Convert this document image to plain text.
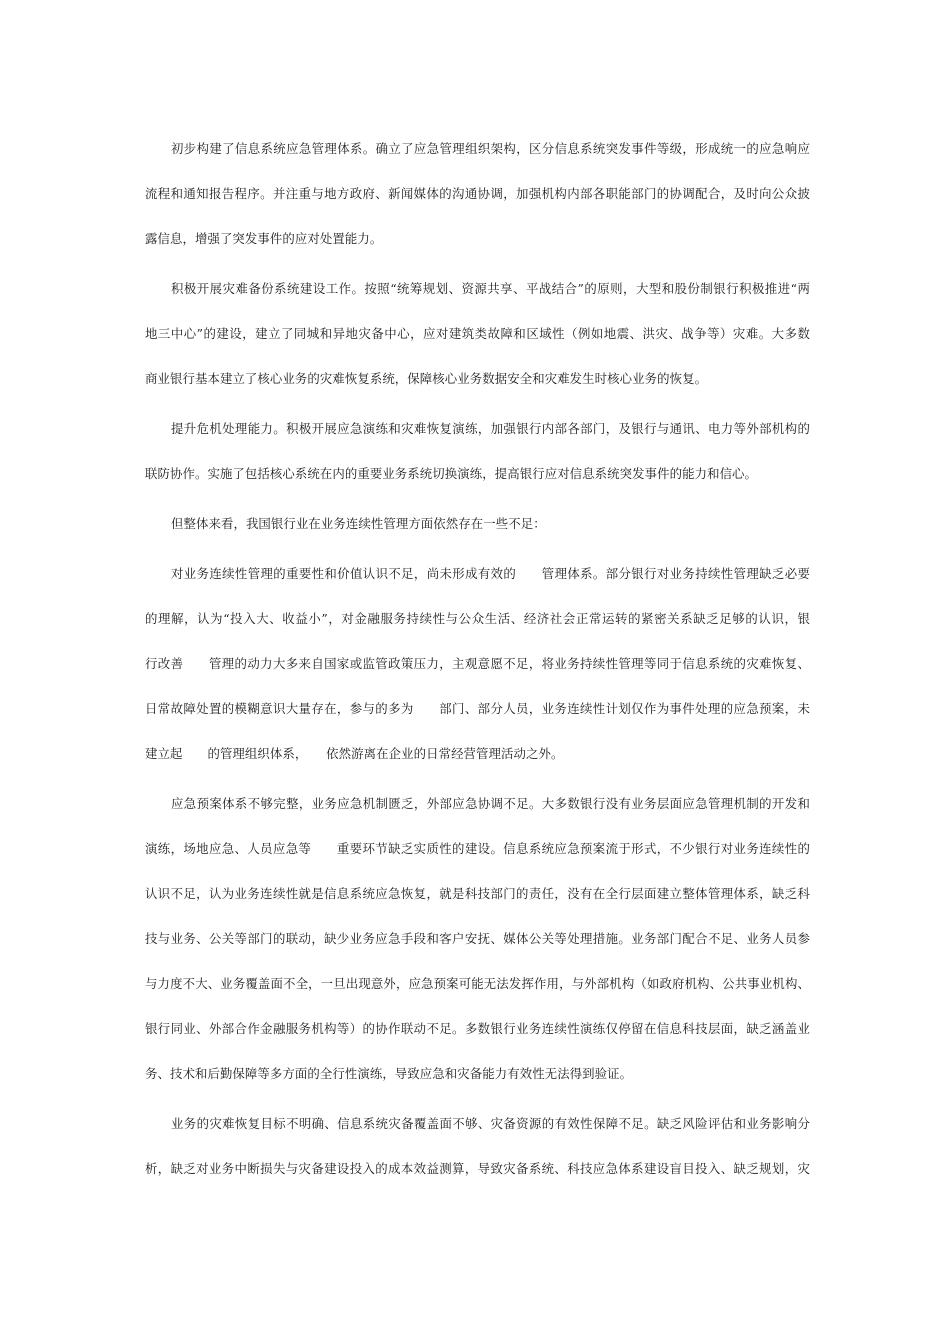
初步构建了信息系统应急管理体系。确立了应急管理组织架构，区分信息系统突发事件等级，形成统一的应急响应
流程和通知报告程序。并注重与地方政府、新闻媒体的沟通协调，加强机构内部各职能部门的协调配合，及时向公众披
露信息，增强了突发事件的应对处置能力。
积极开展灾难备份系统建设工作。按照“统筹规划、资源共享、平战结合”的原则，大型和股份制银行积极推进“两
地三中心”的建设，建立了同城和异地灾备中心，应对建筑类故障和区域性（例如地震、洪灾、战争等）灾难。大多数
商业银行基本建立了核心业务的灾难恢复系统，保障核心业务数据安全和灾难发生时核心业务的恢复。
提升危机处理能力。积极开展应急演练和灾难恢复演练，加强银行内部各部门，及银行与通讯、电力等外部机构的
联防协作。实施了包括核心系统在内的重要业务系统切换演练，提高银行应对信息系统突发事件的能力和信心。
但整体来看，我国银行业在业务连续性管理方面依然存在一些不足：
对业务连续性管理的重要性和价值认识不足，尚未形成有效的　　管理体系。部分银行对业务持续性管理缺乏必要
的理解，认为“投入大、收益小”，对金融服务持续性与公众生活、经济社会正常运转的紧密关系缺乏足够的认识，银
行改善　　管理的动力大多来自国家或监管政策压力，主观意愿不足，将业务持续性管理等同于信息系统的灾难恢复、
日常故障处置的模糊意识大量存在，参与的多为　　部门、部分人员，业务连续性计划仅作为事件处理的应急预案，未
建立起　　的管理组织体系，　　依然游离在企业的日常经营管理活动之外。
应急预案体系不够完整，业务应急机制匮乏，外部应急协调不足。大多数银行没有业务层面应急管理机制的开发和
演练，场地应急、人员应急等　　重要环节缺乏实质性的建设。信息系统应急预案流于形式，不少银行对业务连续性的
认识不足，认为业务连续性就是信息系统应急恢复，就是科技部门的责任，没有在全行层面建立整体管理体系，缺乏科
技与业务、公关等部门的联动，缺少业务应急手段和客户安抚、媒体公关等处理措施。业务部门配合不足、业务人员参
与力度不大、业务覆盖面不全，一旦出现意外，应急预案可能无法发挥作用，与外部机构（如政府机构、公共事业机构、
银行同业、外部合作金融服务机构等）的协作联动不足。多数银行业务连续性演练仅停留在信息科技层面，缺乏涵盖业
务、技术和后勤保障等多方面的全行性演练，导致应急和灾备能力有效性无法得到验证。
业务的灾难恢复目标不明确、信息系统灾备覆盖面不够、灾备资源的有效性保障不足。缺乏风险评估和业务影响分
析，缺乏对业务中断损失与灾备建设投入的成本效益测算，导致灾备系统、科技应急体系建设盲目投入、缺乏规划，灾
